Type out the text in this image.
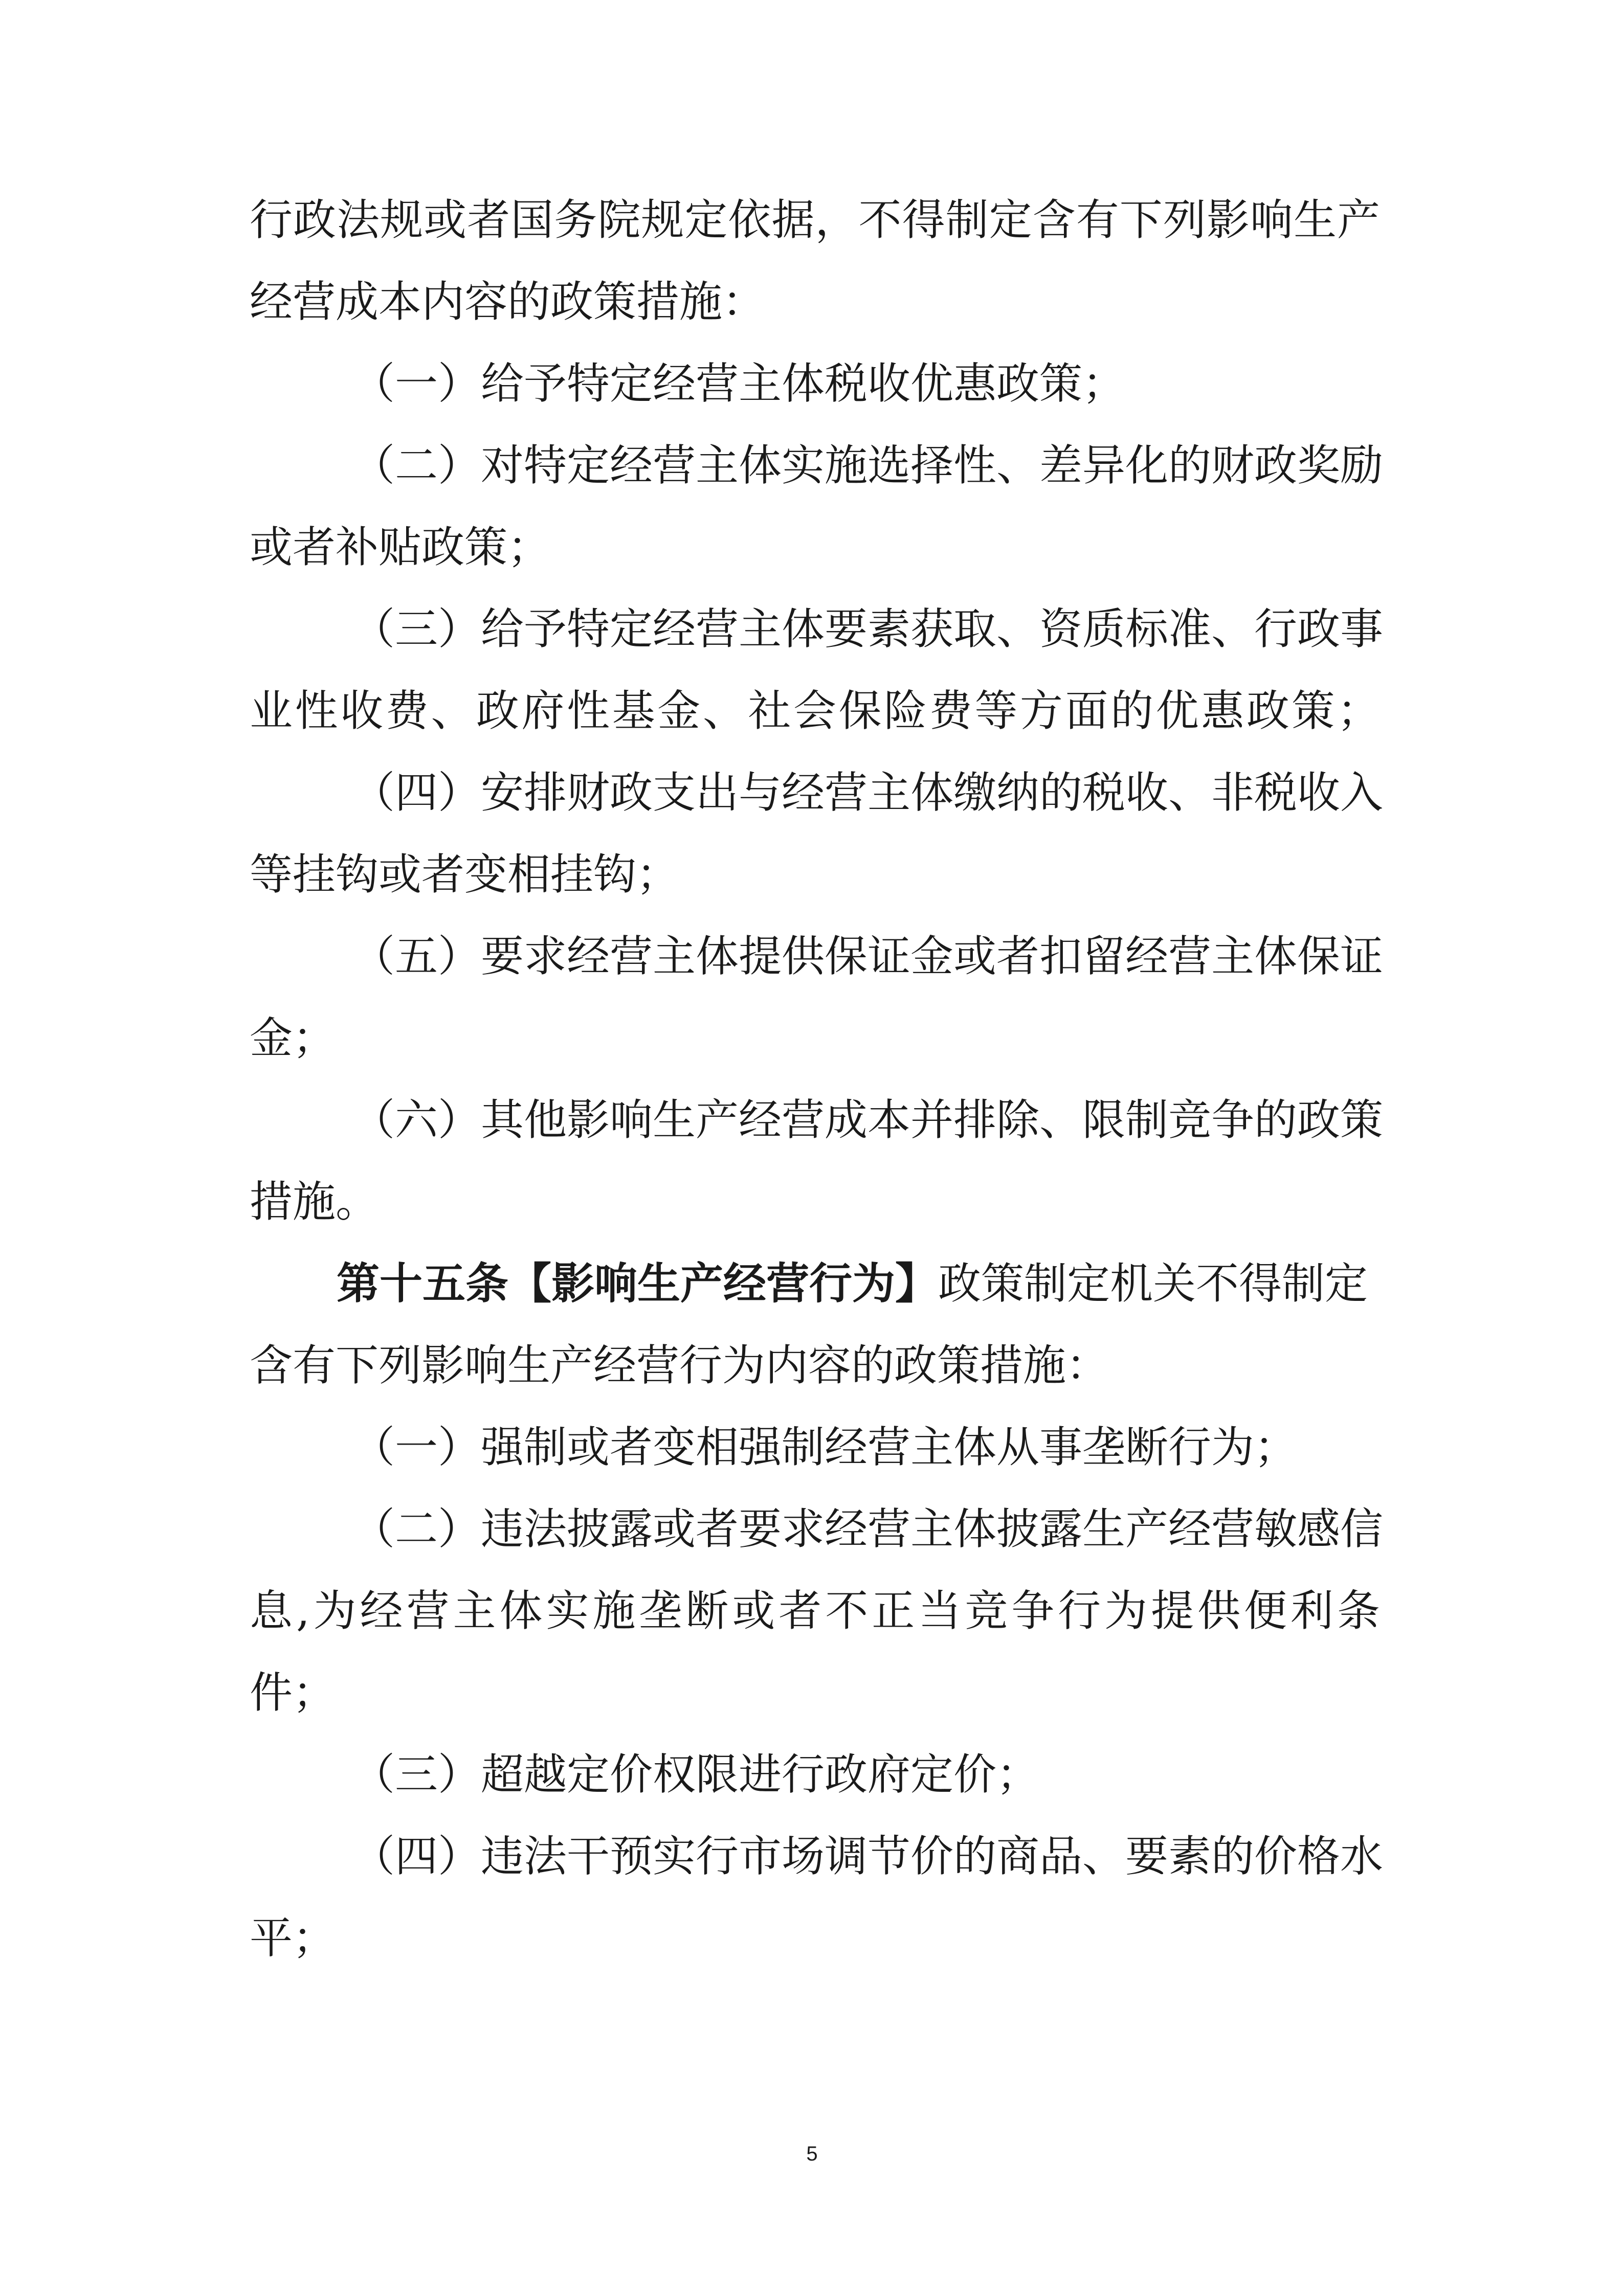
行政法规或者国务院规定依据，不得制定含有下列影响生产
经营成本内容的政策措施：
（一）给予特定经营主体税收优惠政策；
（二）对特定经营主体实施选择性、差异化的财政奖励
或者补贴政策；
（三）给予特定经营主体要素获取、资质标准、行政事
业性收费、政府性基金、社会保险费等方面的优惠政策；
（四）安排财政支出与经营主体缴纳的税收、非税收入
等挂钩或者变相挂钩；
（五）要求经营主体提供保证金或者扣留经营主体保证
金；
（六）其他影响生产经营成本并排除、限制竞争的政策
措施。
第十五条【影响生产经营行为】政策制定机关不得制定
含有下列影响生产经营行为内容的政策措施：
（一）强制或者变相强制经营主体从事垄断行为；
（二）违法披露或者要求经营主体披露生产经营敏感信
息,为经营主体实施垄断或者不正当竞争行为提供便利条
件；
（三）超越定价权限进行政府定价；
（四）违法干预实行市场调节价的商品、要素的价格水
平；
5
